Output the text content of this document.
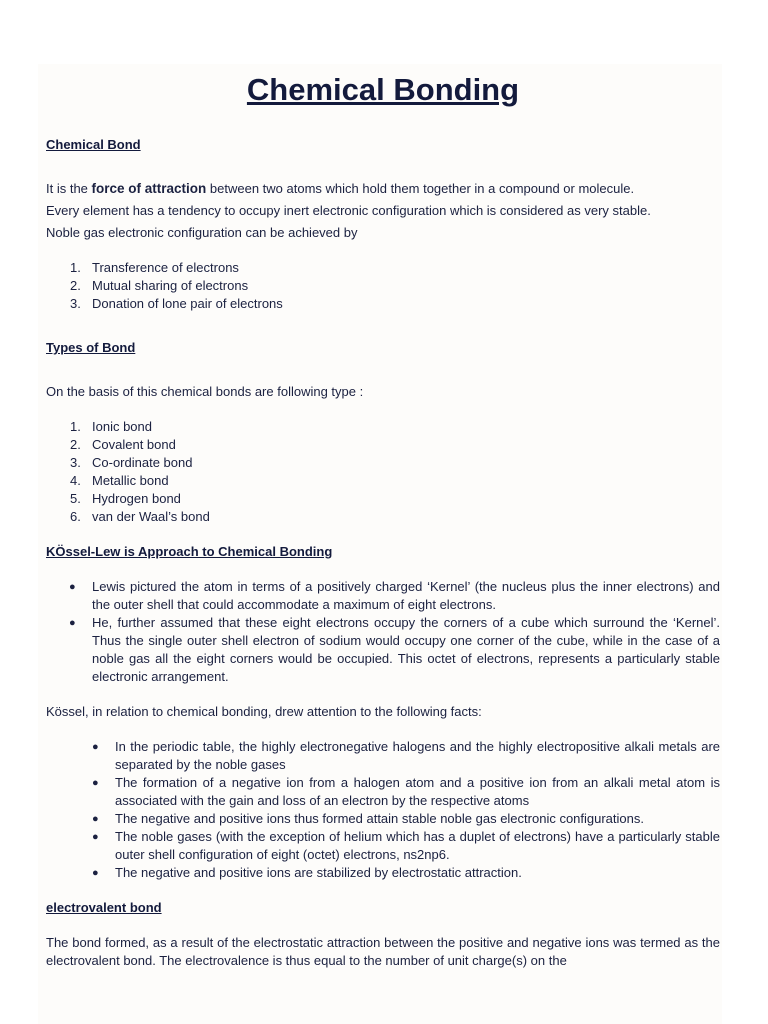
Chemical Bonding
Chemical Bond

It is the force of attraction between two atoms which hold them together in a compound or molecule.

Every element has a tendency to occupy inert electronic configuration which is considered as very stable.

Noble gas electronic configuration can be achieved by

1. Transference of electrons
2. Mutual sharing of electrons
3. Donation of lone pair of electrons
Types of Bond

On the basis of this chemical bonds are following type :

1. Ionic bond
2. Covalent bond
3. Co-ordinate bond
4. Metallic bond
5. Hydrogen bond
6. van der Waal’s bond
KÖssel-Lew is Approach to Chemical Bonding
● Lewis pictured the atom in terms of a positively charged ‘Kernel’ (the nucleus plus the inner electrons) and the outer shell that could accommodate a maximum of eight electrons.
● He, further assumed that these eight electrons occupy the corners of a cube which surround the ‘Kernel’. Thus the single outer shell electron of sodium would occupy one corner of the cube, while in the case of a noble gas all the eight corners would be occupied. This octet of electrons, represents a particularly stable electronic arrangement.

Kössel, in relation to chemical bonding, drew attention to the following facts:

● In the periodic table, the highly electronegative halogens and the highly electropositive alkali metals are separated by the noble gases
● The formation of a negative ion from a halogen atom and a positive ion from an alkali metal atom is associated with the gain and loss of an electron by the respective atoms
● The negative and positive ions thus formed attain stable noble gas electronic configurations.
● The noble gases (with the exception of helium which has a duplet of electrons) have a particularly stable outer shell configuration of eight (octet) electrons, ns2np6.
● The negative and positive ions are stabilized by electrostatic attraction.
electrovalent bond

The bond formed, as a result of the electrostatic attraction between the positive and negative ions was termed as the electrovalent bond. The electrovalence is thus equal to the number of unit charge(s) on the
